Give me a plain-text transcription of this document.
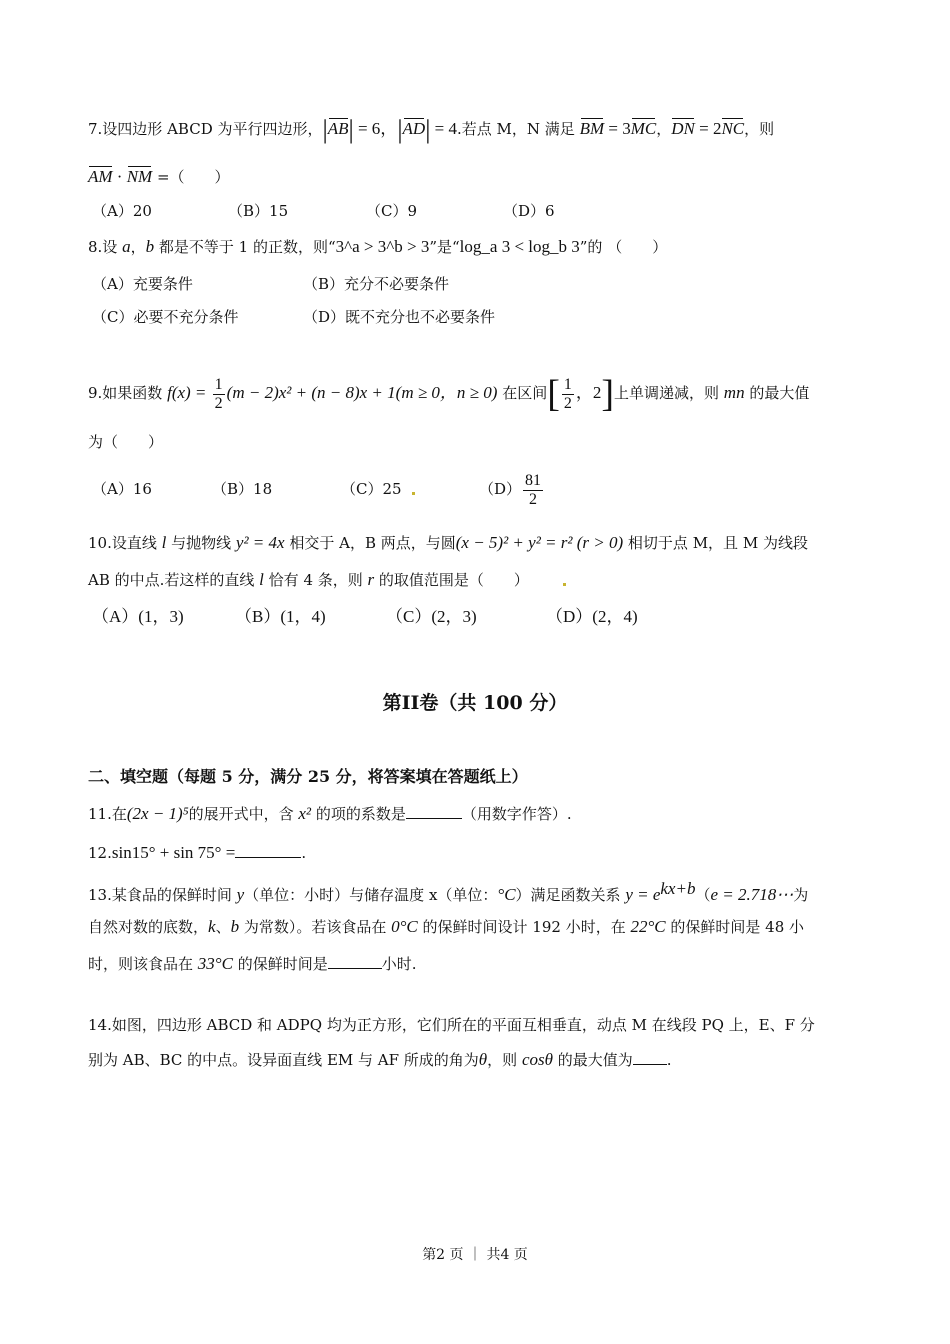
7.设四边形 ABCD 为平行四边形，|AB| = 6，|AD| = 4.若点 M，N 满足 BM = 3MC，DN = 2NC，则
AM · NM =（　　）
（A）20	（B）15	（C）9	（D）6
8.设 a，b 都是不等于 1 的正数，则“3^a > 3^b > 3”是“log_a 3 < log_b 3”的 （　　）
（A）充要条件	（B）充分不必要条件
（C）必要不充分条件	（D）既不充分也不必要条件
9.如果函数 $f(x) = \frac{1}{2} (m - 2)x^2 + (n - 8)x + 1(m \ge 0$，n ≥ 0) 在区间[ $\frac{1}{2}$ ，2]上单调递减，则 mn 的最大值
为（　　）
（A）16	（B）18	（C）25	$(D) \frac{81}{2}$
10.设直线 l 与抛物线 y² = 4x 相交于 A，B 两点，与圆(x − 5)² + y² = r² (r > 0) 相切于点 M，且 M 为线段
AB 的中点.若这样的直线 l 恰有 4 条，则 r 的取值范围是（　　）
（A）(1，3)	（B）(1，4)	（C）(2，3)	（D）(2，4)
第II卷（共 100 分）
二、填空题（每题 5 分，满分 25 分，将答案填在答题纸上）
11.在(2x − 1)⁵的展开式中，含 x² 的项的系数是	（用数字作答）.
12.sin15° + sin 75° =	.
13.某食品的保鲜时间 y（单位：小时）与储存温度 x（单位：°C）满足函数关系 $y = e^{kx+b}(e$ = 2.718⋯为
自然对数的底数，k、b 为常数）。若该食品在 0°C 的保鲜时间设计 192 小时，在 22°C 的保鲜时间是 48 小
时，则该食品在 33°C 的保鲜时间是	小时.
14.如图，四边形 ABCD 和 ADPQ 均为正方形，它们所在的平面互相垂直，动点 M 在线段 PQ 上，E、F 分
别为 AB、BC 的中点。设异面直线 EM 与 AF 所成的角为θ，则 cosθ 的最大值为 .
第2 页 ｜ 共4 页
